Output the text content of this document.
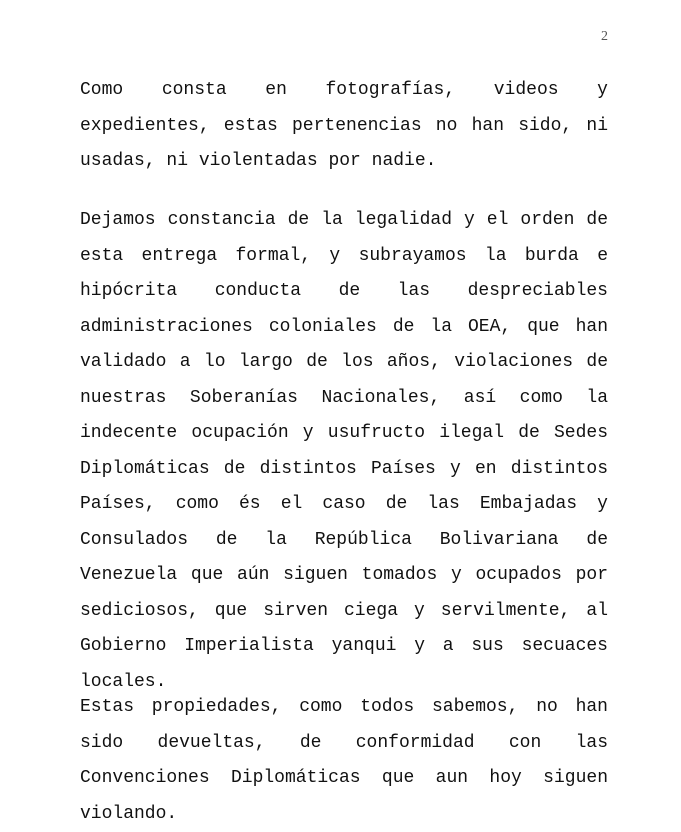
2

Como consta en fotografías, videos y expedientes, estas pertenencias no han sido, ni usadas, ni violentadas por nadie.

Dejamos constancia de la legalidad y el orden de esta entrega formal, y subrayamos la burda e hipócrita conducta de las despreciables administraciones coloniales de la OEA, que han validado a lo largo de los años, violaciones de nuestras Soberanías Nacionales, así como la indecente ocupación y usufructo ilegal de Sedes Diplomáticas de distintos Países y en distintos Países, como és el caso de las Embajadas y Consulados de la República Bolivariana de Venezuela que aún siguen tomados y ocupados por sediciosos, que sirven ciega y servilmente, al Gobierno Imperialista yanqui y a sus secuaces locales.

Estas propiedades, como todos sabemos, no han sido devueltas, de conformidad con las Convenciones Diplomáticas que aun hoy siguen violando.
